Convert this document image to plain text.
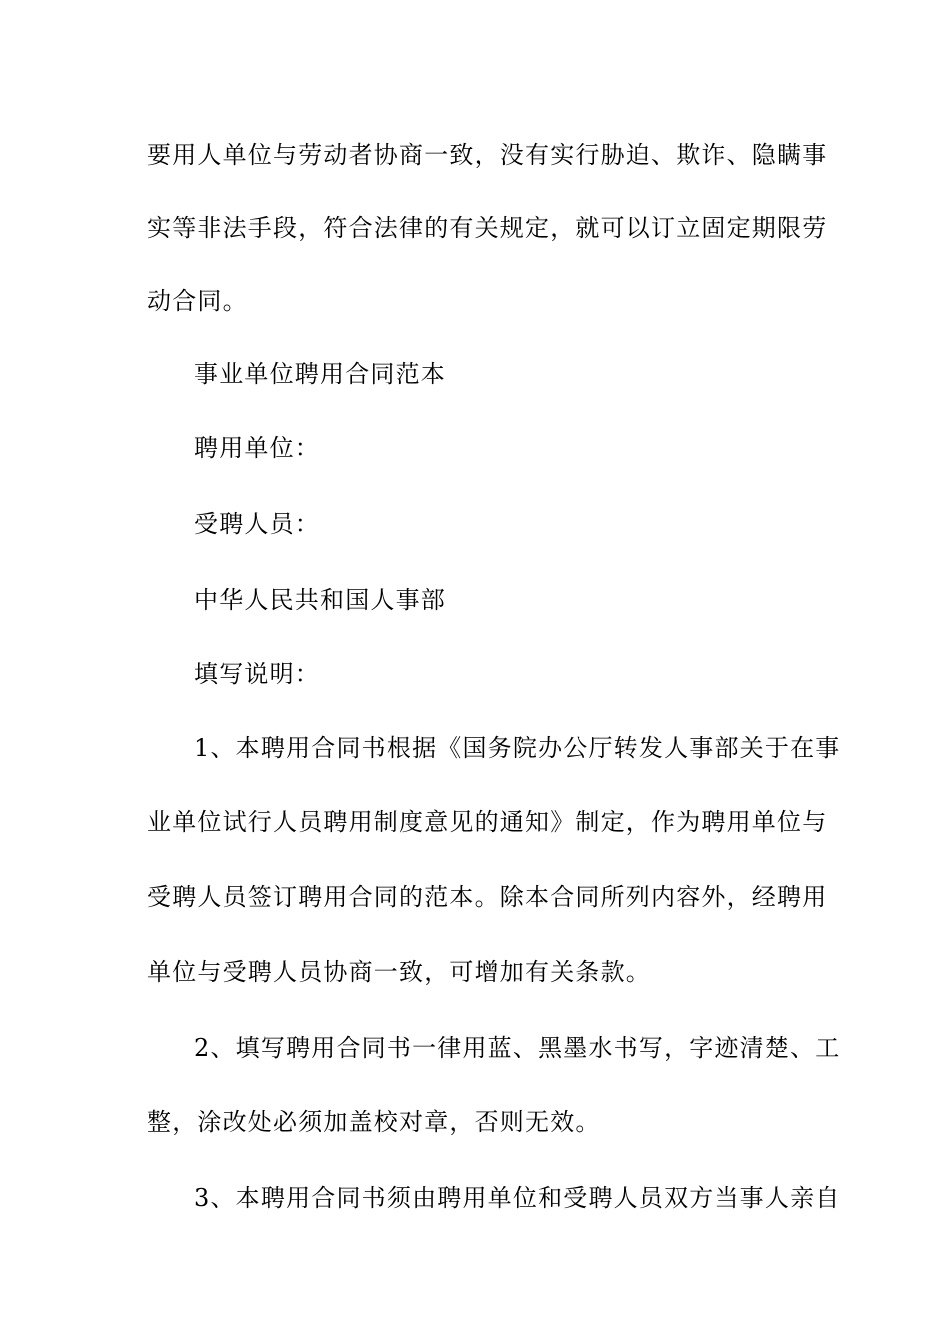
要用人单位与劳动者协商一致，没有实行胁迫、欺诈、隐瞒事
实等非法手段，符合法律的有关规定，就可以订立固定期限劳
动合同。
事业单位聘用合同范本
聘用单位：
受聘人员：
中华人民共和国人事部
填写说明：
1、本聘用合同书根据《国务院办公厅转发人事部关于在事
业单位试行人员聘用制度意见的通知》制定，作为聘用单位与
受聘人员签订聘用合同的范本。除本合同所列内容外，经聘用
单位与受聘人员协商一致，可增加有关条款。
2、填写聘用合同书一律用蓝、黑墨水书写，字迹清楚、工
整，涂改处必须加盖校对章，否则无效。
3、本聘用合同书须由聘用单位和受聘人员双方当事人亲自
